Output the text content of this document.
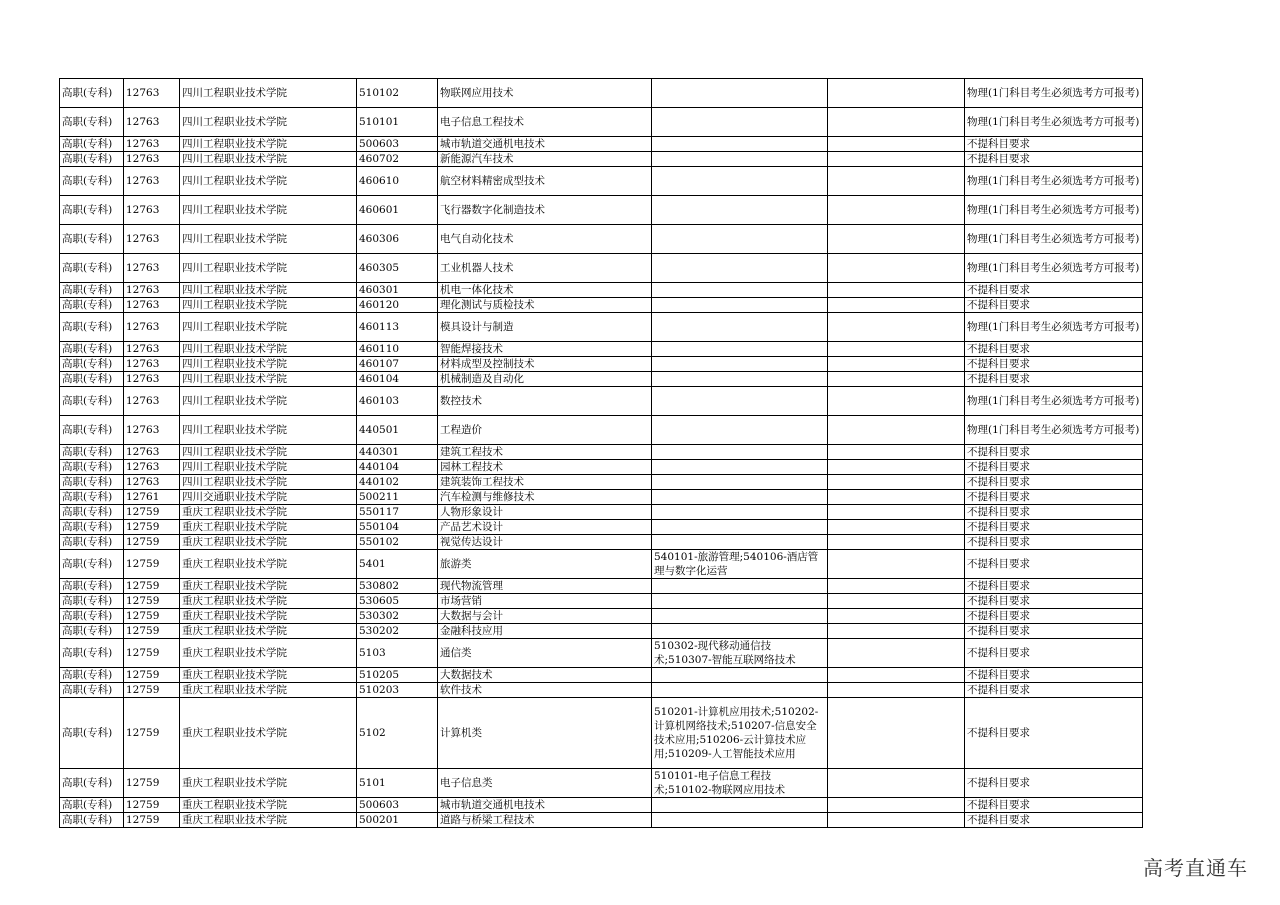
高职(专科)	12763	四川工程职业技术学院	510102	物联网应用技术			物理(1门科目考生必须选考方可报考)
高职(专科)	12763	四川工程职业技术学院	510101	电子信息工程技术			物理(1门科目考生必须选考方可报考)
高职(专科)	12763	四川工程职业技术学院	500603	城市轨道交通机电技术			不提科目要求
高职(专科)	12763	四川工程职业技术学院	460702	新能源汽车技术			不提科目要求
高职(专科)	12763	四川工程职业技术学院	460610	航空材料精密成型技术			物理(1门科目考生必须选考方可报考)
高职(专科)	12763	四川工程职业技术学院	460601	飞行器数字化制造技术			物理(1门科目考生必须选考方可报考)
高职(专科)	12763	四川工程职业技术学院	460306	电气自动化技术			物理(1门科目考生必须选考方可报考)
高职(专科)	12763	四川工程职业技术学院	460305	工业机器人技术			物理(1门科目考生必须选考方可报考)
高职(专科)	12763	四川工程职业技术学院	460301	机电一体化技术			不提科目要求
高职(专科)	12763	四川工程职业技术学院	460120	理化测试与质检技术			不提科目要求
高职(专科)	12763	四川工程职业技术学院	460113	模具设计与制造			物理(1门科目考生必须选考方可报考)
高职(专科)	12763	四川工程职业技术学院	460110	智能焊接技术			不提科目要求
高职(专科)	12763	四川工程职业技术学院	460107	材料成型及控制技术			不提科目要求
高职(专科)	12763	四川工程职业技术学院	460104	机械制造及自动化			不提科目要求
高职(专科)	12763	四川工程职业技术学院	460103	数控技术			物理(1门科目考生必须选考方可报考)
高职(专科)	12763	四川工程职业技术学院	440501	工程造价			物理(1门科目考生必须选考方可报考)
高职(专科)	12763	四川工程职业技术学院	440301	建筑工程技术			不提科目要求
高职(专科)	12763	四川工程职业技术学院	440104	园林工程技术			不提科目要求
高职(专科)	12763	四川工程职业技术学院	440102	建筑装饰工程技术			不提科目要求
高职(专科)	12761	四川交通职业技术学院	500211	汽车检测与维修技术			不提科目要求
高职(专科)	12759	重庆工程职业技术学院	550117	人物形象设计			不提科目要求
高职(专科)	12759	重庆工程职业技术学院	550104	产品艺术设计			不提科目要求
高职(专科)	12759	重庆工程职业技术学院	550102	视觉传达设计			不提科目要求
高职(专科)	12759	重庆工程职业技术学院	5401	旅游类	540101-旅游管理;540106-酒店管理与数字化运营		不提科目要求
高职(专科)	12759	重庆工程职业技术学院	530802	现代物流管理			不提科目要求
高职(专科)	12759	重庆工程职业技术学院	530605	市场营销			不提科目要求
高职(专科)	12759	重庆工程职业技术学院	530302	大数据与会计			不提科目要求
高职(专科)	12759	重庆工程职业技术学院	530202	金融科技应用			不提科目要求
高职(专科)	12759	重庆工程职业技术学院	5103	通信类	510302-现代移动通信技术;510307-智能互联网络技术		不提科目要求
高职(专科)	12759	重庆工程职业技术学院	510205	大数据技术			不提科目要求
高职(专科)	12759	重庆工程职业技术学院	510203	软件技术			不提科目要求
高职(专科)	12759	重庆工程职业技术学院	5102	计算机类	510201-计算机应用技术;510202-计算机网络技术;510207-信息安全技术应用;510206-云计算技术应用;510209-人工智能技术应用		不提科目要求
高职(专科)	12759	重庆工程职业技术学院	5101	电子信息类	510101-电子信息工程技术;510102-物联网应用技术		不提科目要求
高职(专科)	12759	重庆工程职业技术学院	500603	城市轨道交通机电技术			不提科目要求
高职(专科)	12759	重庆工程职业技术学院	500201	道路与桥梁工程技术			不提科目要求
高考直通车
